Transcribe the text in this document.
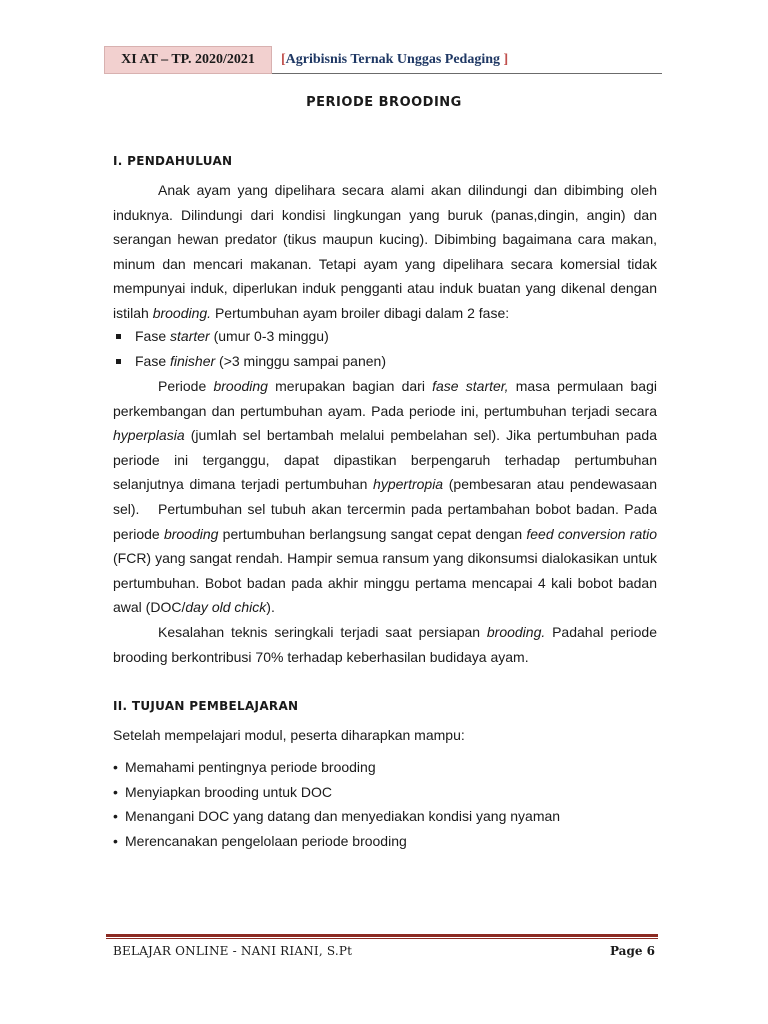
XI AT – TP. 2020/2021 [Agribisnis Ternak Unggas Pedaging ]
PERIODE BROODING
I. PENDAHULUAN

Anak ayam yang dipelihara secara alami akan dilindungi dan dibimbing oleh induknya. Dilindungi dari kondisi lingkungan yang buruk (panas,dingin, angin) dan serangan hewan predator (tikus maupun kucing). Dibimbing bagaimana cara makan, minum dan mencari makanan. Tetapi ayam yang dipelihara secara komersial tidak mempunyai induk, diperlukan induk pengganti atau induk buatan yang dikenal dengan istilah brooding. Pertumbuhan ayam broiler dibagi dalam 2 fase:

Fase starter (umur 0-3 minggu)
Fase finisher (>3 minggu sampai panen)

Periode brooding merupakan bagian dari fase starter, masa permulaan bagi perkembangan dan pertumbuhan ayam. Pada periode ini, pertumbuhan terjadi secara hyperplasia (jumlah sel bertambah melalui pembelahan sel). Jika pertumbuhan pada periode ini terganggu, dapat dipastikan berpengaruh terhadap pertumbuhan selanjutnya dimana terjadi pertumbuhan hypertropia (pembesaran atau pendewasaan sel).	Pertumbuhan sel tubuh akan tercermin pada pertambahan bobot badan. Pada periode brooding pertumbuhan berlangsung sangat cepat dengan feed conversion ratio (FCR) yang sangat rendah. Hampir semua ransum yang dikonsumsi dialokasikan untuk pertumbuhan. Bobot badan pada akhir minggu pertama mencapai 4 kali bobot badan awal (DOC/day old chick).

Kesalahan teknis seringkali terjadi saat persiapan brooding. Padahal periode brooding berkontribusi 70% terhadap keberhasilan budidaya ayam.

II. TUJUAN PEMBELAJARAN

Setelah mempelajari modul, peserta diharapkan mampu:

• Memahami pentingnya periode brooding
• Menyiapkan brooding untuk DOC
• Menangani DOC yang datang dan menyediakan kondisi yang nyaman
• Merencanakan pengelolaan periode brooding
BELAJAR ONLINE - NANI RIANI, S.Pt	Page 6
